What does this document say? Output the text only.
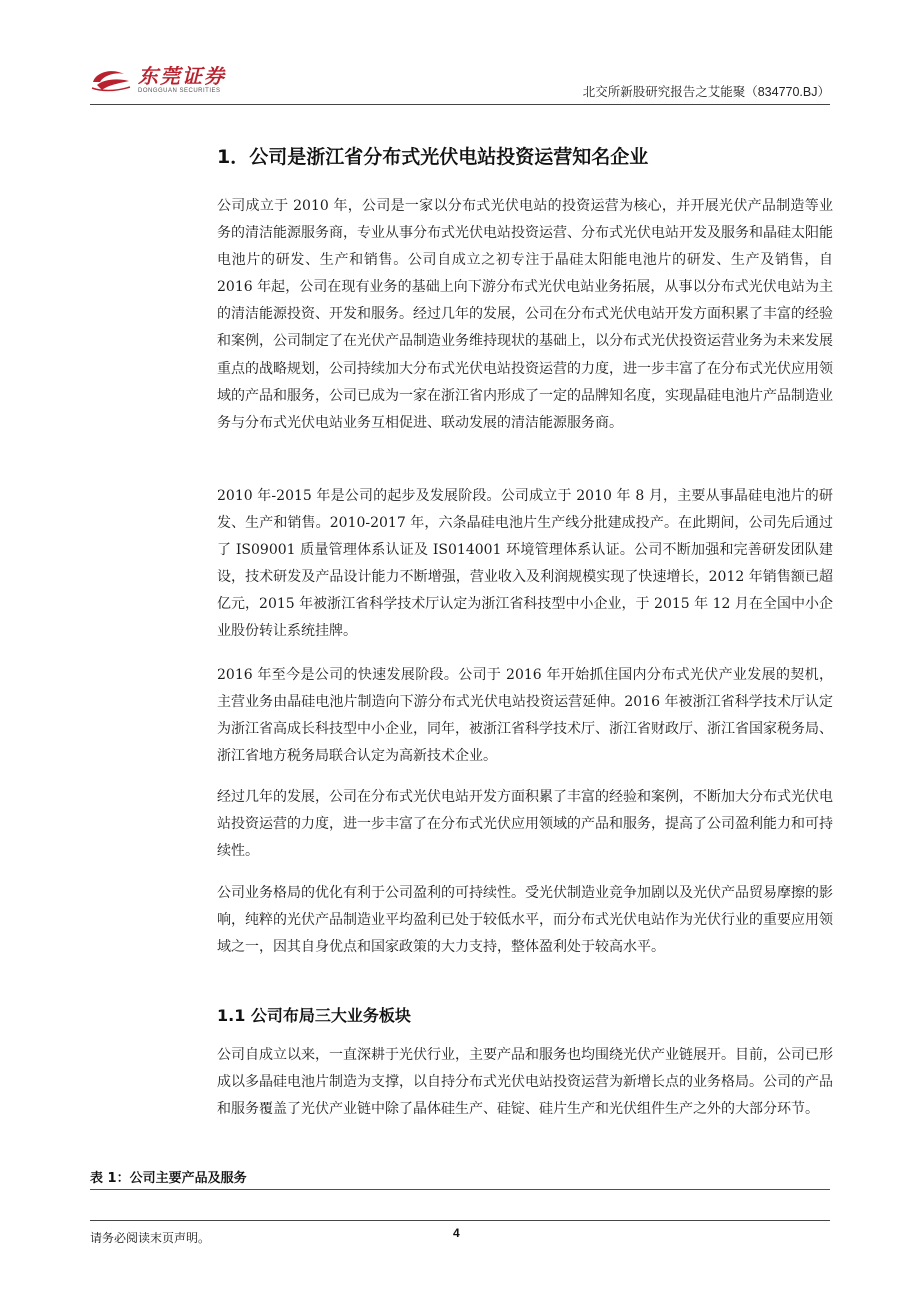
东莞证券
DONGGUAN SECURITIES	北交所新股研究报告之艾能聚（834770.BJ）
1．公司是浙江省分布式光伏电站投资运营知名企业

公司成立于 2010 年，公司是一家以分布式光伏电站的投资运营为核心，并开展光伏产品制造等业务的清洁能源服务商，专业从事分布式光伏电站投资运营、分布式光伏电站开发及服务和晶硅太阳能电池片的研发、生产和销售。公司自成立之初专注于晶硅太阳能电池片的研发、生产及销售，自 2016 年起，公司在现有业务的基础上向下游分布式光伏电站业务拓展，从事以分布式光伏电站为主的清洁能源投资、开发和服务。经过几年的发展，公司在分布式光伏电站开发方面积累了丰富的经验和案例，公司制定了在光伏产品制造业务维持现状的基础上，以分布式光伏投资运营业务为未来发展重点的战略规划，公司持续加大分布式光伏电站投资运营的力度，进一步丰富了在分布式光伏应用领域的产品和服务，公司已成为一家在浙江省内形成了一定的品牌知名度，实现晶硅电池片产品制造业务与分布式光伏电站业务互相促进、联动发展的清洁能源服务商。

2010 年-2015 年是公司的起步及发展阶段。公司成立于 2010 年 8 月，主要从事晶硅电池片的研发、生产和销售。2010-2017 年，六条晶硅电池片生产线分批建成投产。在此期间，公司先后通过了 IS09001 质量管理体系认证及 IS014001 环境管理体系认证。公司不断加强和完善研发团队建设，技术研发及产品设计能力不断增强，营业收入及利润规模实现了快速增长，2012 年销售额已超亿元，2015 年被浙江省科学技术厅认定为浙江省科技型中小企业，于 2015 年 12 月在全国中小企业股份转让系统挂牌。

2016 年至今是公司的快速发展阶段。公司于 2016 年开始抓住国内分布式光伏产业发展的契机，主营业务由晶硅电池片制造向下游分布式光伏电站投资运营延伸。2016 年被浙江省科学技术厅认定为浙江省高成长科技型中小企业，同年，被浙江省科学技术厅、浙江省财政厅、浙江省国家税务局、浙江省地方税务局联合认定为高新技术企业。

经过几年的发展，公司在分布式光伏电站开发方面积累了丰富的经验和案例，不断加大分布式光伏电站投资运营的力度，进一步丰富了在分布式光伏应用领域的产品和服务，提高了公司盈利能力和可持续性。

公司业务格局的优化有利于公司盈利的可持续性。受光伏制造业竞争加剧以及光伏产品贸易摩擦的影响，纯粹的光伏产品制造业平均盈利已处于较低水平，而分布式光伏电站作为光伏行业的重要应用领域之一，因其自身优点和国家政策的大力支持，整体盈利处于较高水平。

1.1 公司布局三大业务板块

公司自成立以来，一直深耕于光伏行业，主要产品和服务也均围绕光伏产业链展开。目前，公司已形成以多晶硅电池片制造为支撑，以自持分布式光伏电站投资运营为新增长点的业务格局。公司的产品和服务覆盖了光伏产业链中除了晶体硅生产、硅锭、硅片生产和光伏组件生产之外的大部分环节。

表 1：公司主要产品及服务
请务必阅读末页声明。	4
